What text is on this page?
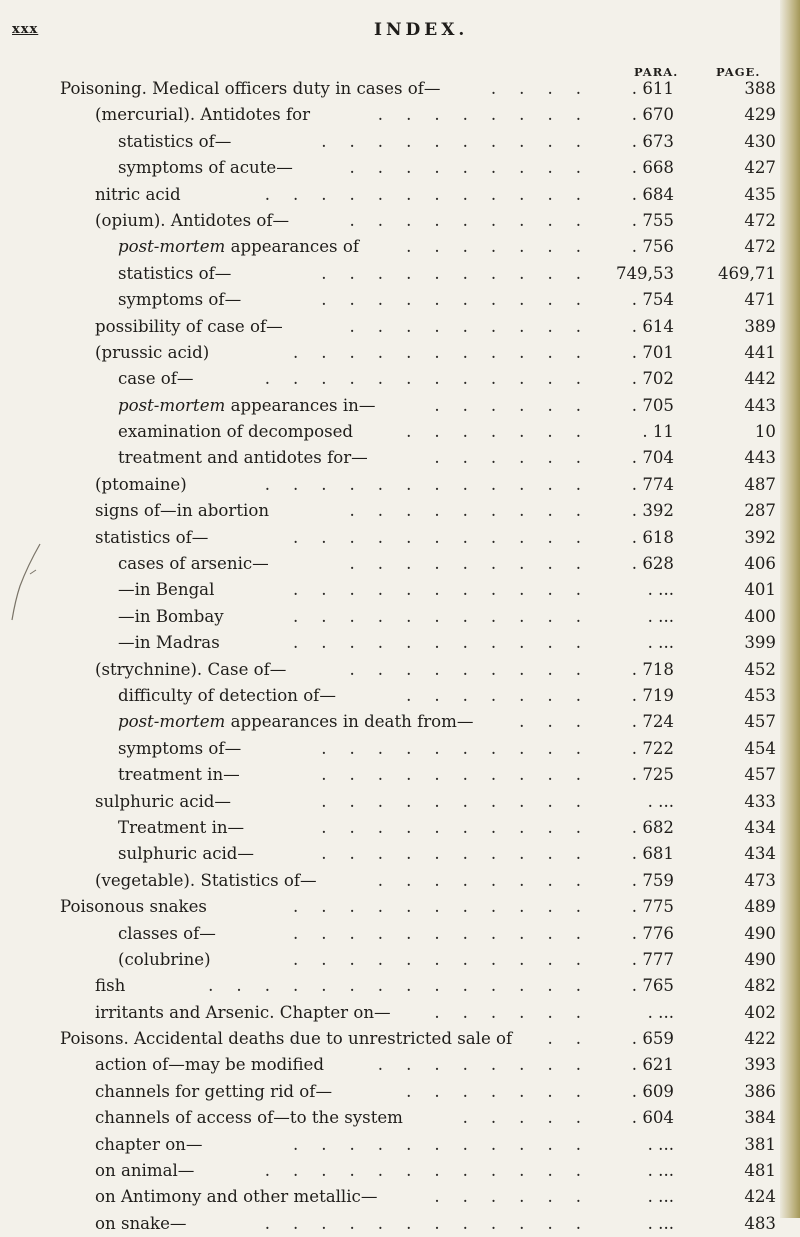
xxx	INDEX.
PARA.	PAGE.
Poisoning. Medical officers duty in cases of—	....	. 611	388
(mercurial). Antidotes for	........	. 670	429
statistics of—	..........	. 673	430
symptoms of acute—	.........	. 668	427
nitric acid	............	. 684	435
(opium). Antidotes of—	.........	. 755	472
post-mortem appearances of	.......	. 756	472
statistics of—	.......... 749,53	469,71
symptoms of—	..........	. 754	471
possibility of case of—	.........	. 614	389
(prussic acid)	...........	. 701	441
case of—	............	. 702	442
post-mortem appearances in—	......	. 705	443
examination of decomposed	.......	. 11	10
treatment and antidotes for—	......	. 704	443
(ptomaine)	............	. 774	487
signs of—in abortion	.........	. 392	287
statistics of—	...........	. 618	392
cases of arsenic—	.........	. 628	406
—in Bengal	...........	. ...	401
—in Bombay	...........	. ...	400
—in Madras	...........	. ...	399
(strychnine). Case of—	.........	. 718	452
difficulty of detection of—	.......	. 719	453
post-mortem appearances in death from—	...	. 724	457
symptoms of—	..........	. 722	454
treatment in—	..........	. 725	457
sulphuric acid—	..........	. ...	433
Treatment in—	..........	. 682	434
sulphuric acid—	..........	. 681	434
(vegetable). Statistics of—	........	. 759	473
Poisonous snakes	...........	. 775	489
classes of—	...........	. 776	490
(colubrine)	...........	. 777	490
fish	..............	. 765	482
irritants and Arsenic. Chapter on—	......	. ...	402
Poisons. Accidental deaths due to unrestricted sale of	..	. 659	422
action of—may be modified	........	. 621	393
channels for getting rid of—	.......	. 609	386
channels of access of—to the system	.....	. 604	384
chapter on—	...........	. ...	381
on animal—	............	. ...	481
on Antimony and other metallic—	......	. ...	424
on snake—	............	. ...	483
